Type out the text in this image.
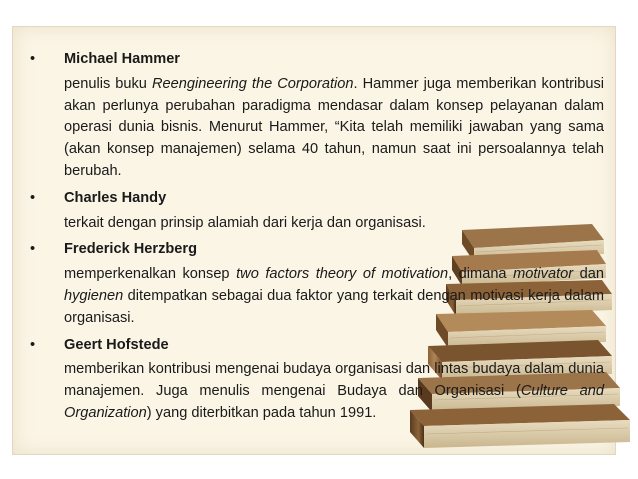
• Michael Hammer
penulis buku Reengineering the Corporation. Hammer juga memberikan kontribusi akan perlunya perubahan paradigma mendasar dalam konsep pelayanan dalam operasi dunia bisnis. Menurut Hammer, “Kita telah memiliki jawaban yang sama (akan konsep manajemen) selama 40 tahun, namun saat ini persoalannya telah berubah.
• Charles Handy
terkait dengan prinsip alamiah dari kerja dan organisasi.
• Frederick Herzberg
memperkenalkan konsep two factors theory of motivation, dimana motivator dan hygienen ditempatkan sebagai dua faktor yang terkait dengan motivasi kerja dalam organisasi.
• Geert Hofstede
memberikan kontribusi mengenai budaya organisasi dan lintas budaya dalam dunia manajemen. Juga menulis mengenai Budaya dan Organisasi (Culture and Organization) yang diterbitkan pada tahun 1991.
